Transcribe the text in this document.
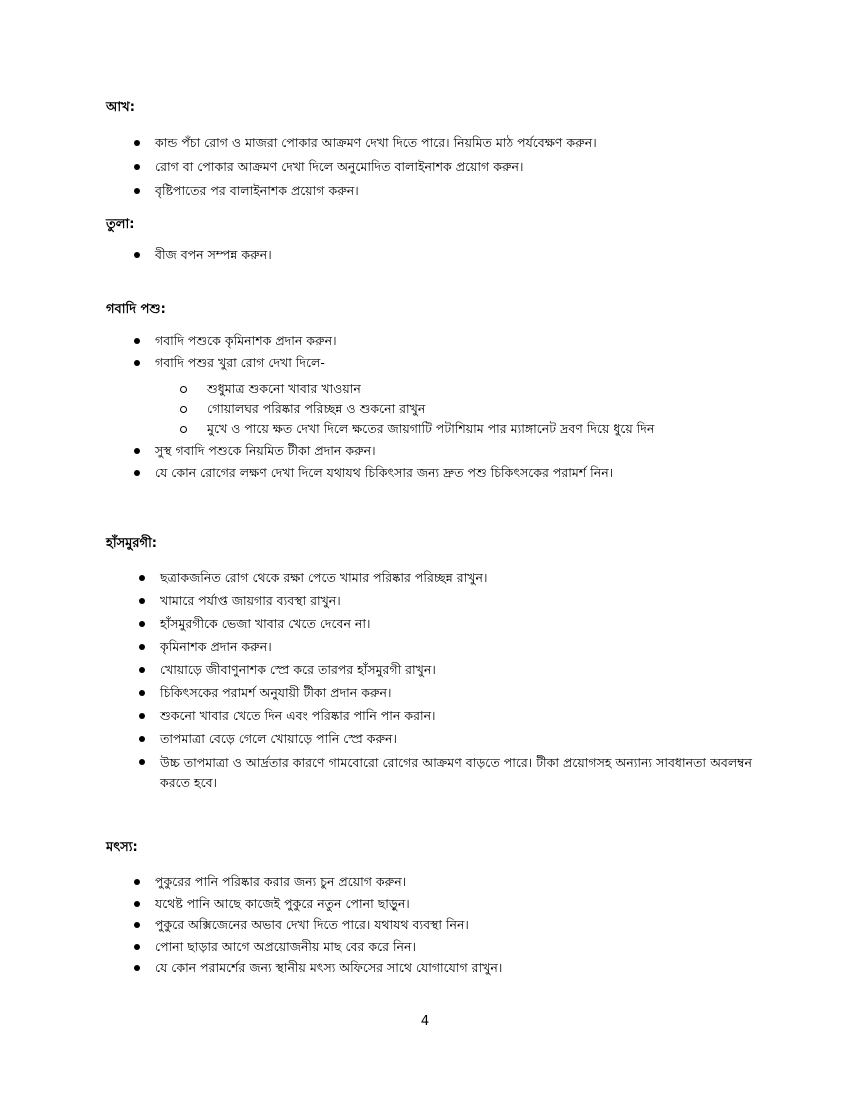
আখ:
কান্ড পঁচা রোগ ও মাজরা পোকার আক্রমণ দেখা দিতে পারে। নিয়মিত মাঠ পর্যবেক্ষণ করুন।
রোগ বা পোকার আক্রমণ দেখা দিলে অনুমোদিত বালাইনাশক প্রয়োগ করুন।
বৃষ্টিপাতের পর বালাইনাশক প্রয়োগ করুন।
তুলা:
বীজ বপন সম্পন্ন করুন।
গবাদি পশু:
গবাদি পশুকে কৃমিনাশক প্রদান করুন।
গবাদি পশুর খুরা রোগ দেখা দিলে-
শুধুমাত্র শুকনো খাবার খাওয়ান
গোয়ালঘর পরিষ্কার পরিচ্ছন্ন ও শুকনো রাখুন
মুখে ও পায়ে ক্ষত দেখা দিলে ক্ষতের জায়গাটি পটাশিয়াম পার ম্যাঙ্গানেট দ্রবণ দিয়ে ধুয়ে দিন
সুস্থ গবাদি পশুকে নিয়মিত টীকা প্রদান করুন।
যে কোন রোগের লক্ষণ দেখা দিলে যথাযথ চিকিৎসার জন্য দ্রুত পশু চিকিৎসকের পরামর্শ নিন।
হাঁসমুরগী:
ছত্রাকজনিত রোগ থেকে রক্ষা পেতে খামার পরিষ্কার পরিচ্ছন্ন রাখুন।
খামারে পর্যাপ্ত জায়গার ব্যবস্থা রাখুন।
হাঁসমুরগীকে ভেজা খাবার খেতে দেবেন না।
কৃমিনাশক প্রদান করুন।
খোয়াড়ে জীবাণুনাশক স্প্রে করে তারপর হাঁসমুরগী রাখুন।
চিকিৎসকের পরামর্শ অনুযায়ী টীকা প্রদান করুন।
শুকনো খাবার খেতে দিন এবং পরিষ্কার পানি পান করান।
তাপমাত্রা বেড়ে গেলে খোয়াড়ে পানি স্প্রে করুন।
উচ্চ তাপমাত্রা ও আর্দ্রতার কারণে গামবোরো রোগের আক্রমণ বাড়তে পারে। টীকা প্রয়োগসহ অন্যান্য সাবধানতা অবলম্বন করতে হবে।
মৎস্য:
পুকুরের পানি পরিষ্কার করার জন্য চুন প্রয়োগ করুন।
যথেষ্ট পানি আছে কাজেই পুকুরে নতুন পোনা ছাড়ুন।
পুকুরে অক্সিজেনের অভাব দেখা দিতে পারে। যথাযথ ব্যবস্থা নিন।
পোনা ছাড়ার আগে অপ্রয়োজনীয় মাছ বের করে নিন।
যে কোন পরামর্শের জন্য স্থানীয় মৎস্য অফিসের সাথে যোগাযোগ রাখুন।
4
